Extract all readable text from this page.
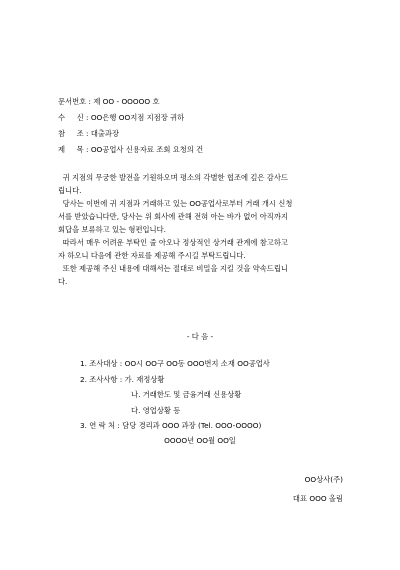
문서번호 : 제 OO - OOOOO 호
수     신 : OO은행 OO지점 지점장 귀하
참     조 : 대출과장
제     목 : OO공업사 신용자료 조회 요청의 건
귀 지점의 무궁한 발전을 기원하오며 평소의 각별한 협조에 깊은 감사드
립니다.
당사는 이번에 귀 지점과 거래하고 있는 OO공업사로부터 거래 개시 신청
서를 받았습니다만, 당사는 위 회사에 관해 전혀 아는 바가 없어 아직까지
회답을 보류하고 있는 형편입니다.
따라서 매우 어려운 부탁인 줄 아오나 정상적인 상거래 관계에 참고하고
자 하오니 다음에 관한 자료를 제공해 주시길 부탁드립니다.
또한 제공해 주신 내용에 대해서는 절대로 비밀을 지킬 것을 약속드립니
다.
- 다 음 -
1. 조사대상 : OO시 OO구 OO동 OOO번지 소재 OO공업사
2. 조사사항 : 가. 재정상황
나. 거래한도 및 금융거래 신용상황
다. 영업상황 등
3. 연 락 처 : 담당 경리과 OOO 과장 (Tel. OOO-OOOO)
OOOO년 OO월 OO일
OO상사(주)
대표 OOO 올림
